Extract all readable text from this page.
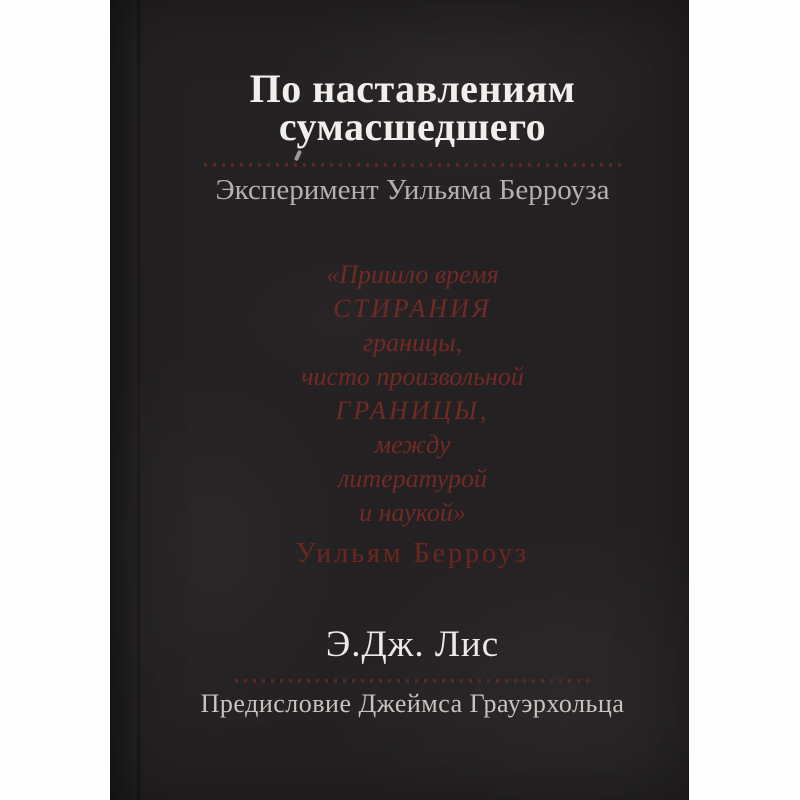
По наставлениям
сумасшедшего
Эксперимент Уильяма Берроуза
«Пришло время
СТИРАНИЯ
границы,
чисто произвольной
ГРАНИЦЫ,
между
литературой
и наукой»
Уильям Берроуз
Э.Дж. Лис
Предисловие Джеймса Грауэрхольца
